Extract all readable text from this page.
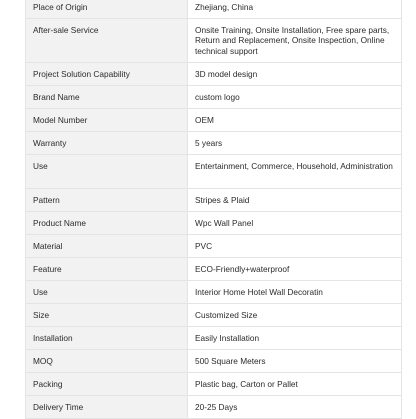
Place of Origin	Zhejiang, China
After-sale Service	Onsite Training, Onsite Installation, Free spare parts, Return and Replacement, Onsite Inspection, Online technical support
Project Solution Capability	3D model design
Brand Name	custom logo
Model Number	OEM
Warranty	5 years
Use	Entertainment, Commerce, Household, Administration
Pattern	Stripes & Plaid
Product Name	Wpc Wall Panel
Material	PVC
Feature	ECO-Friendly+waterproof
Use	Interior Home Hotel Wall Decoratin
Size	Customized Size
Installation	Easily Installation
MOQ	500 Square Meters
Packing	Plastic bag, Carton or Pallet
Delivery Time	20-25 Days
